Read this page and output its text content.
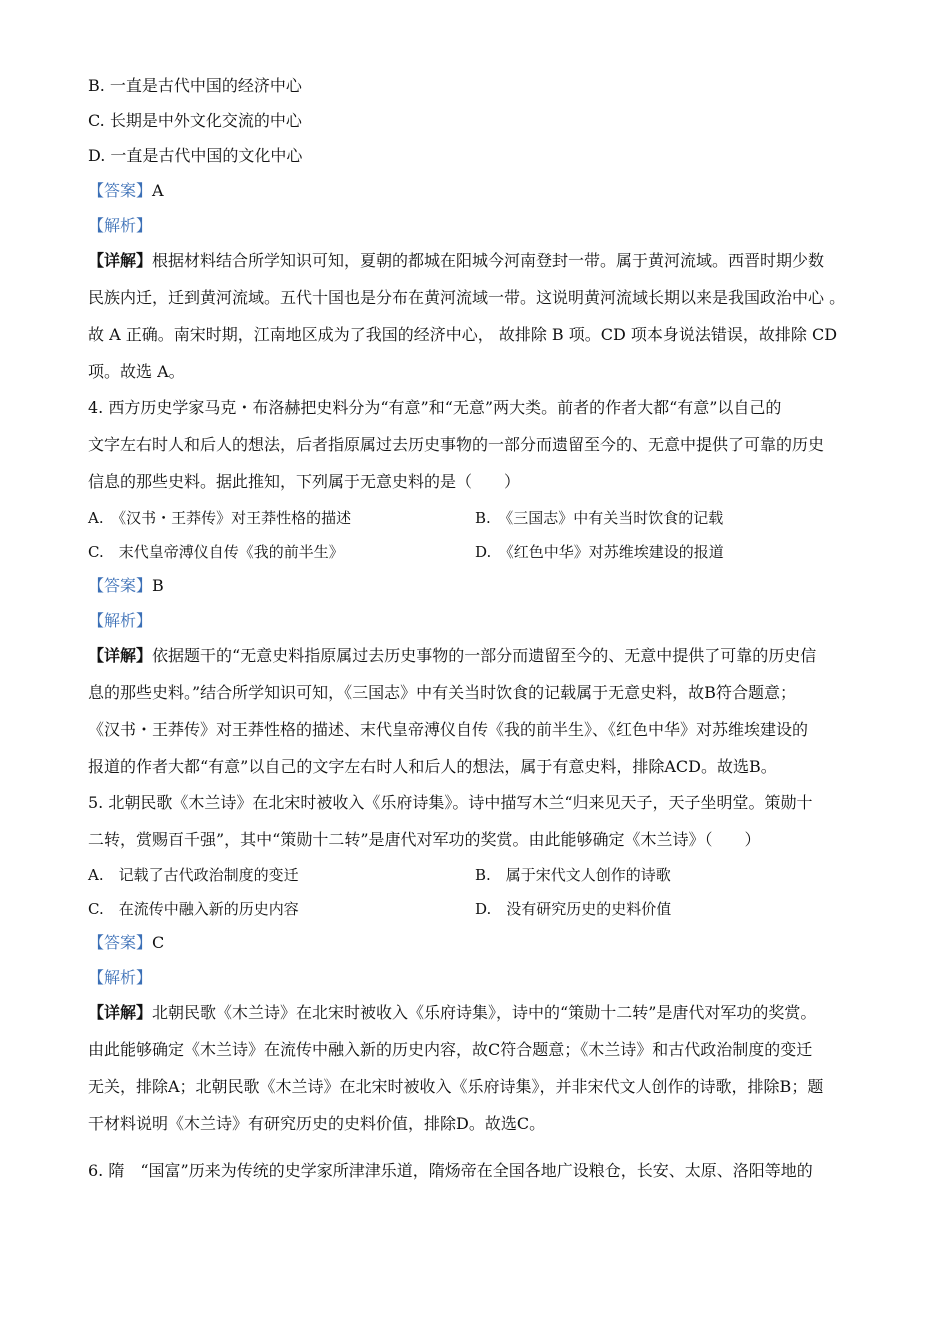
B. 一直是古代中国的经济中心
C. 长期是中外文化交流的中心
D. 一直是古代中国的文化中心
【答案】A
【解析】
【详解】根据材料结合所学知识可知，夏朝的都城在阳城今河南登封一带。属于黄河流域。西晋时期少数
民族内迁，迁到黄河流域。五代十国也是分布在黄河流域一带。这说明黄河流域长期以来是我国政治中心 。
故 A 正确。南宋时期，江南地区成为了我国的经济中心， 故排除 B 项。CD 项本身说法错误，故排除 CD
项。故选 A。
4. 西方历史学家马克・布洛赫把史料分为“有意”和“无意”两大类。前者的作者大都“有意”以自己的
文字左右时人和后人的想法，后者指原属过去历史事物的一部分而遗留至今的、无意中提供了可靠的历史
信息的那些史料。据此推知，下列属于无意史料的是（　　）
A.　《汉书・王莽传》对王莽性格的描述	B.　《三国志》中有关当时饮食的记载
C.　末代皇帝溥仪自传《我的前半生》	D.　《红色中华》对苏维埃建设的报道
【答案】B
【解析】
【详解】依据题干的“无意史料指原属过去历史事物的一部分而遗留至今的、无意中提供了可靠的历史信
息的那些史料。”结合所学知识可知，《三国志》中有关当时饮食的记载属于无意史料，故B符合题意；
《汉书・王莽传》对王莽性格的描述、末代皇帝溥仪自传《我的前半生》、《红色中华》对苏维埃建设的
报道的作者大都“有意”以自己的文字左右时人和后人的想法，属于有意史料，排除ACD。故选B。
5. 北朝民歌《木兰诗》在北宋时被收入《乐府诗集》。诗中描写木兰“归来见天子，天子坐明堂。策勋十
二转，赏赐百千强”，其中“策勋十二转”是唐代对军功的奖赏。由此能够确定《木兰诗》（　　）
A.　记载了古代政治制度的变迁	B.　属于宋代文人创作的诗歌
C.　在流传中融入新的历史内容	D.　没有研究历史的史料价值
【答案】C
【解析】
【详解】北朝民歌《木兰诗》在北宋时被收入《乐府诗集》，诗中的“策勋十二转”是唐代对军功的奖赏。
由此能够确定《木兰诗》在流传中融入新的历史内容，故C符合题意；《木兰诗》和古代政治制度的变迁
无关，排除A；北朝民歌《木兰诗》在北宋时被收入《乐府诗集》，并非宋代文人创作的诗歌，排除B；题
干材料说明《木兰诗》有研究历史的史料价值，排除D。故选C。
6. 隋　“国富”历来为传统的史学家所津津乐道，隋炀帝在全国各地广设粮仓，长安、太原、洛阳等地的
